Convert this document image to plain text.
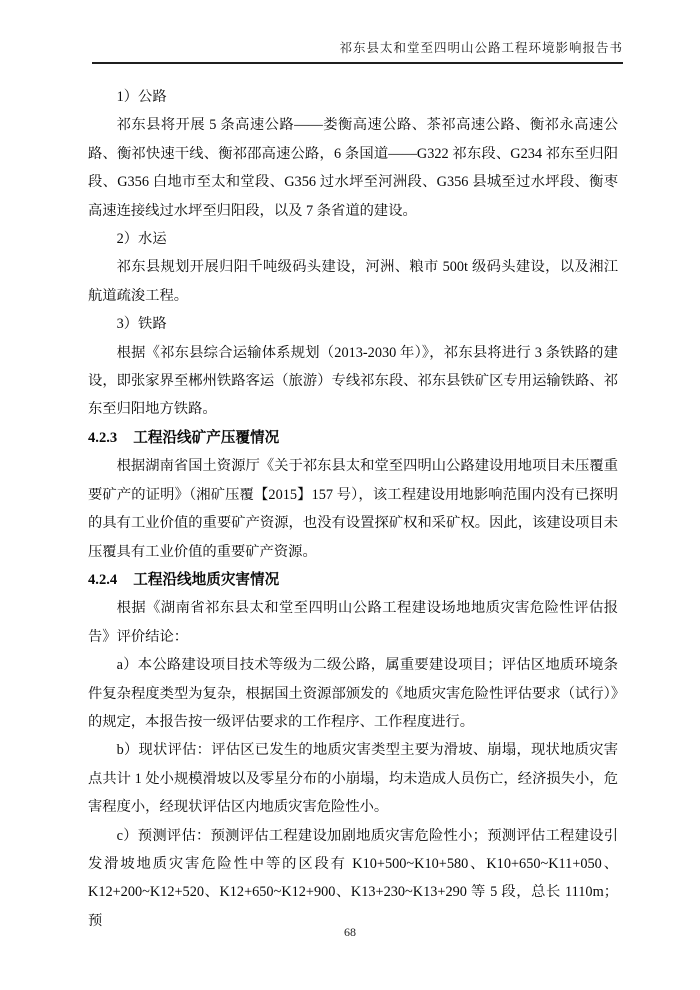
祁东县太和堂至四明山公路工程环境影响报告书

1）公路

祁东县将开展 5 条高速公路——娄衡高速公路、茶祁高速公路、衡祁永高速公路、衡祁快速干线、衡祁邵高速公路，6 条国道——G322 祁东段、G234 祁东至归阳段、G356 白地市至太和堂段、G356 过水坪至河洲段、G356 县城至过水坪段、衡枣高速连接线过水坪至归阳段，以及 7 条省道的建设。

2）水运

祁东县规划开展归阳千吨级码头建设，河洲、粮市 500t 级码头建设，以及湘江航道疏浚工程。

3）铁路

根据《祁东县综合运输体系规划（2013-2030 年）》，祁东县将进行 3 条铁路的建设，即张家界至郴州铁路客运（旅游）专线祁东段、祁东县铁矿区专用运输铁路、祁东至归阳地方铁路。

4.2.3 工程沿线矿产压覆情况

根据湖南省国土资源厅《关于祁东县太和堂至四明山公路建设用地项目未压覆重要矿产的证明》（湘矿压覆【2015】157 号），该工程建设用地影响范围内没有已探明的具有工业价值的重要矿产资源，也没有设置探矿权和采矿权。因此，该建设项目未压覆具有工业价值的重要矿产资源。

4.2.4 工程沿线地质灾害情况

根据《湖南省祁东县太和堂至四明山公路工程建设场地地质灾害危险性评估报告》评价结论：

a）本公路建设项目技术等级为二级公路，属重要建设项目；评估区地质环境条件复杂程度类型为复杂，根据国土资源部颁发的《地质灾害危险性评估要求（试行）》的规定，本报告按一级评估要求的工作程序、工作程度进行。

b）现状评估：评估区已发生的地质灾害类型主要为滑坡、崩塌，现状地质灾害点共计 1 处小规模滑坡以及零星分布的小崩塌，均未造成人员伤亡，经济损失小，危害程度小，经现状评估区内地质灾害危险性小。

c）预测评估：预测评估工程建设加剧地质灾害危险性小；预测评估工程建设引发滑坡地质灾害危险性中等的区段有 K10+500~K10+580、K10+650~K11+050、K12+200~K12+520、K12+650~K12+900、K13+230~K13+290 等 5 段，总长 1110m；预

68
